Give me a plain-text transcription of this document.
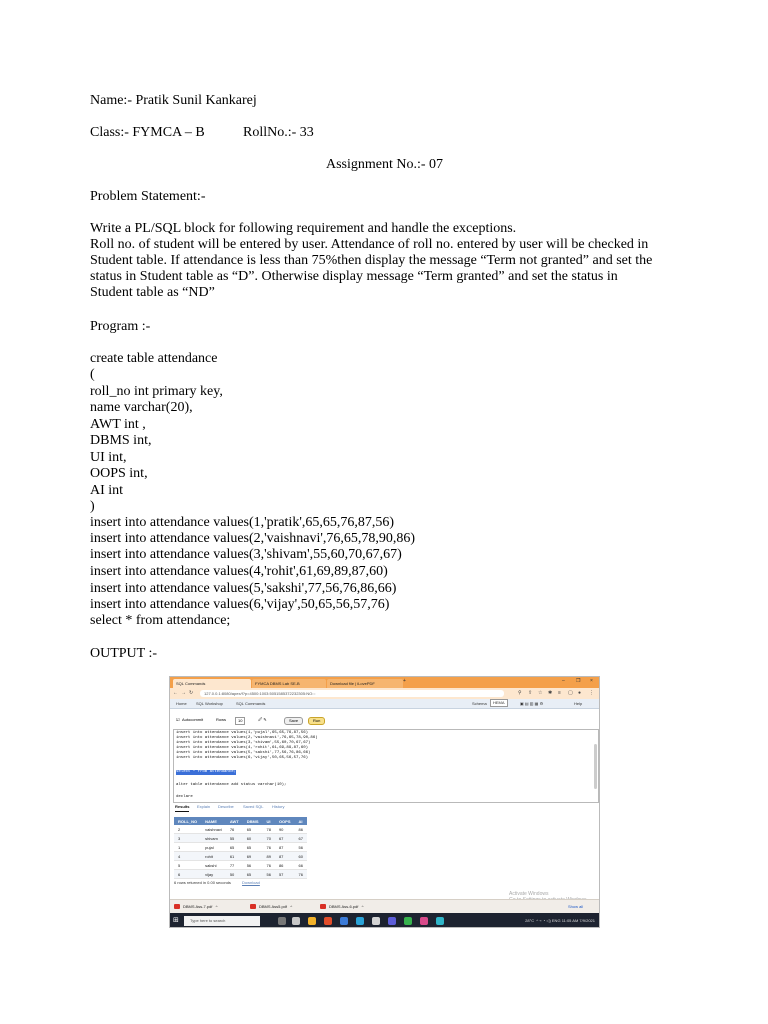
Name:- Pratik Sunil Kankarej
Class:- FYMCA – B	RollNo.:- 33
Assignment No.:- 07
Problem Statement:-
Write a PL/SQL block for following requirement and handle the exceptions.
Roll no. of student will be entered by user. Attendance of roll no. entered by user will be checked in Student table. If attendance is less than 75%then display the message “Term not granted” and set the status in Student table as “D”. Otherwise display message “Term granted” and set the status in Student table as “ND”
Program :-
create table attendance
(
roll_no int primary key,
name varchar(20),
AWT int ,
DBMS int,
UI int,
OOPS int,
AI int
)
insert into attendance values(1,'pratik',65,65,76,87,56)
insert into attendance values(2,'vaishnavi',76,65,78,90,86)
insert into attendance values(3,'shivam',55,60,70,67,67)
insert into attendance values(4,'rohit',61,69,89,87,60)
insert into attendance values(5,'sakshi',77,56,76,86,66)
insert into attendance values(6,'vijay',50,65,56,57,76)
select * from attendance;
OUTPUT :-
SQL Commands	FYMCA DBMS Lab SE-B	Download file | iLovePDF	+	– ❐ ×
← → ↻	127.0.0.1:8080/apex/f?p=4500:1003:5051585372232305:NO:::	⚲ ⇪ ☆ ✱ ≡ ▢ ● ⋮
Home SQL Workshop	SQL Commands	Schema	HEMA	▣ ▤ ▥ ▦ ⚙	Help
☑ Autocommit	Rows	10	🖉 ✎	Save	Run
insert into attendance values(1,'pujal',65,65,76,87,56)
insert into attendance values(2,'vaishnavi',76,65,78,90,86)
insert into attendance values(3,'shivam',55,60,70,67,67)
insert into attendance values(4,'rohit',61,69,89,87,60)
insert into attendance values(5,'sakshi',77,56,76,86,66)
insert into attendance values(6,'vijay',50,65,56,57,76)
select * from attendance;
alter table attendance add status varchar(10);
declare
Results Explain Describe Saved SQL History
ROLL_NO	NAME	AWT	DBMS	UI	OOPS	AI
2	vaishnavi	76	65	78	90	86
3	shivam	55	60	70	67	67
1	pujal	65	65	76	87	56
4	rohit	61	69	89	87	60
5	sakshi	77	56	76	86	66
6	vijay	50	65	56	57	76
6 rows returned in 0.00 seconds	Download
Activate Windows
DBMS Ass-7.pdf   ^	DBMS Ass5.pdf   ^	DBMS Ass-6.pdf   ^	Show all
⊞	Type here to search	28°C  ^ ⌁ ◔ ◁) ENG 11:05 AM 7/9/2021
